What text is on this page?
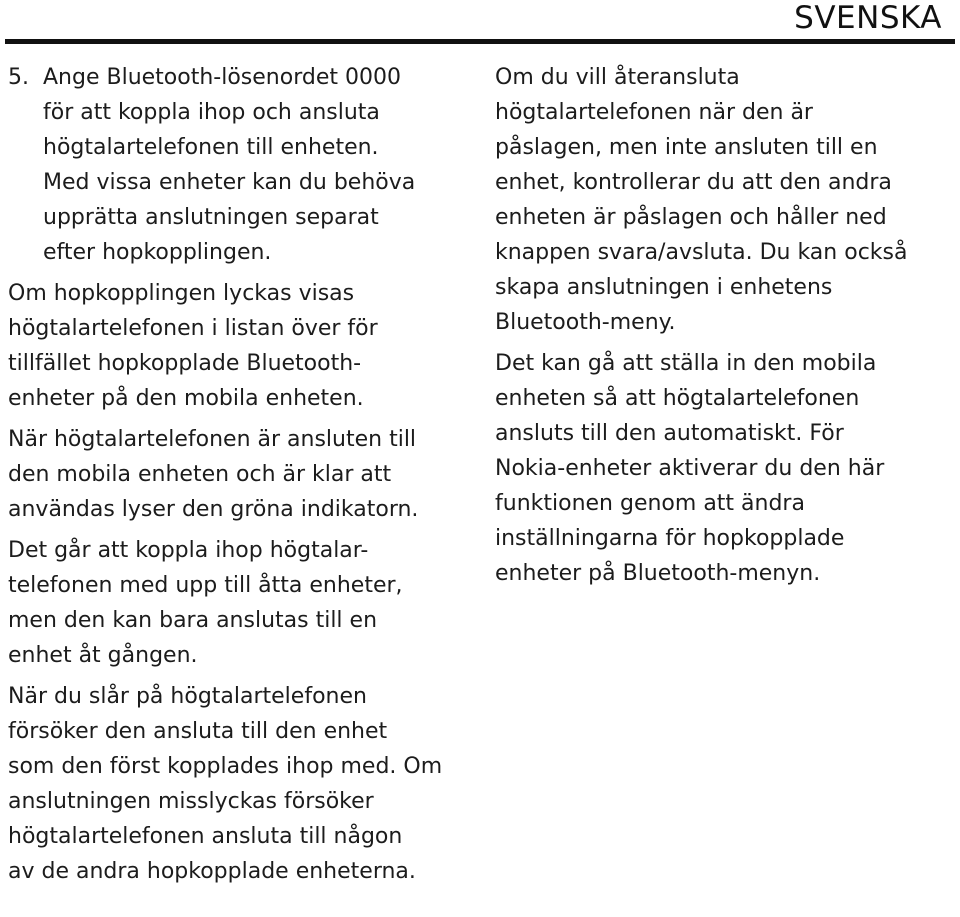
SVENSKA
5. Ange Bluetooth-lösenordet 0000
för att koppla ihop och ansluta
högtalartelefonen till enheten.
Med vissa enheter kan du behöva
upprätta anslutningen separat
efter hopkopplingen.
Om hopkopplingen lyckas visas
högtalartelefonen i listan över för
tillfället hopkopplade Bluetooth-
enheter på den mobila enheten.
När högtalartelefonen är ansluten till
den mobila enheten och är klar att
användas lyser den gröna indikatorn.
Det går att koppla ihop högtalar-
telefonen med upp till åtta enheter,
men den kan bara anslutas till en
enhet åt gången.
När du slår på högtalartelefonen
försöker den ansluta till den enhet
som den först kopplades ihop med. Om
anslutningen misslyckas försöker
högtalartelefonen ansluta till någon
av de andra hopkopplade enheterna.
Om du vill återansluta
högtalartelefonen när den är
påslagen, men inte ansluten till en
enhet, kontrollerar du att den andra
enheten är påslagen och håller ned
knappen svara/avsluta. Du kan också
skapa anslutningen i enhetens
Bluetooth-meny.
Det kan gå att ställa in den mobila
enheten så att högtalartelefonen
ansluts till den automatiskt. För
Nokia-enheter aktiverar du den här
funktionen genom att ändra
inställningarna för hopkopplade
enheter på Bluetooth-menyn.
